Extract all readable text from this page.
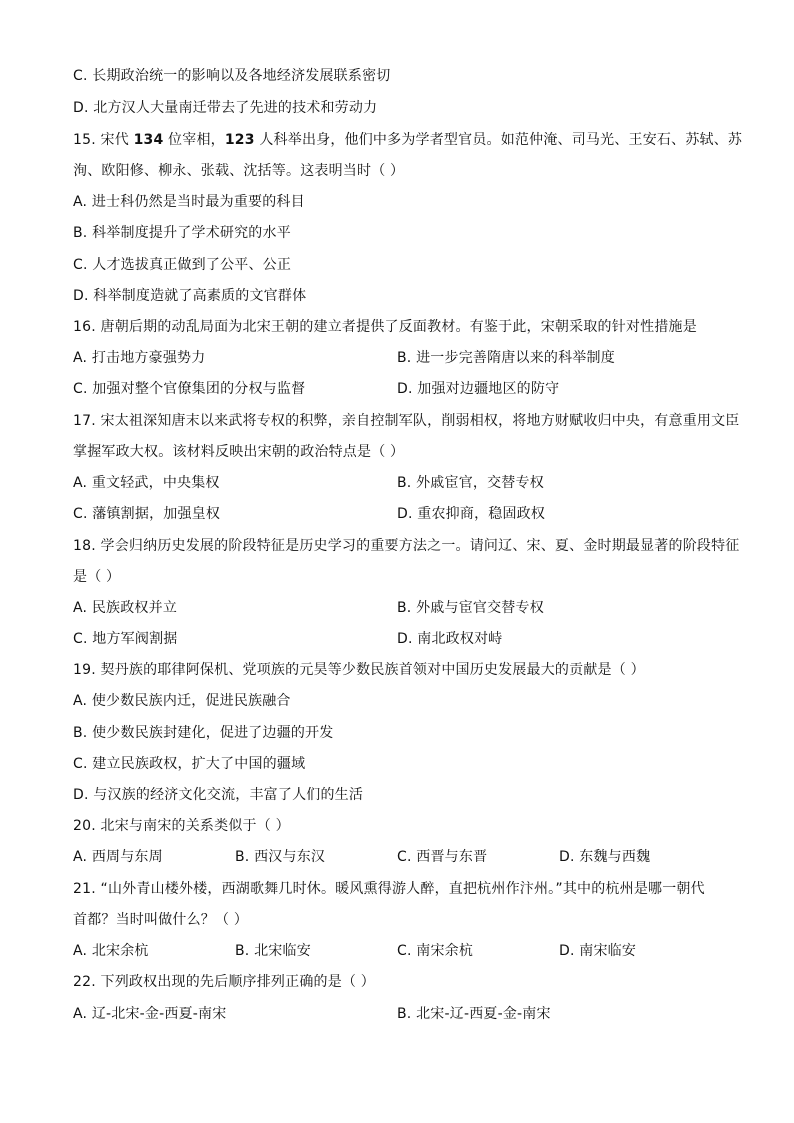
C. 长期政治统一的影响以及各地经济发展联系密切
D. 北方汉人大量南迁带去了先进的技术和劳动力
15. 宋代 134 位宰相，123 人科举出身，他们中多为学者型官员。如范仲淹、司马光、王安石、苏轼、苏
洵、欧阳修、柳永、张载、沈括等。这表明当时（ ）
A. 进士科仍然是当时最为重要的科目
B. 科举制度提升了学术研究的水平
C. 人才选拔真正做到了公平、公正
D. 科举制度造就了高素质的文官群体
16. 唐朝后期的动乱局面为北宋王朝的建立者提供了反面教材。有鉴于此，宋朝采取的针对性措施是
A. 打击地方豪强势力	B. 进一步完善隋唐以来的科举制度
C. 加强对整个官僚集团的分权与监督	D. 加强对边疆地区的防守
17. 宋太祖深知唐末以来武将专权的积弊，亲自控制军队，削弱相权，将地方财赋收归中央，有意重用文臣
掌握军政大权。该材料反映出宋朝的政治特点是（ ）
A. 重文轻武，中央集权	B. 外戚宦官，交替专权
C. 藩镇割据，加强皇权	D. 重农抑商，稳固政权
18. 学会归纳历史发展的阶段特征是历史学习的重要方法之一。请问辽、宋、夏、金时期最显著的阶段特征
是（ ）
A. 民族政权并立	B. 外戚与宦官交替专权
C. 地方军阀割据	D. 南北政权对峙
19. 契丹族的耶律阿保机、党项族的元昊等少数民族首领对中国历史发展最大的贡献是（ ）
A. 使少数民族内迁，促进民族融合
B. 使少数民族封建化，促进了边疆的开发
C. 建立民族政权，扩大了中国的疆域
D. 与汉族的经济文化交流，丰富了人们的生活
20. 北宋与南宋的关系类似于（ ）
A. 西周与东周	B. 西汉与东汉	C. 西晋与东晋	D. 东魏与西魏
21. “山外青山楼外楼，西湖歌舞几时休。暖风熏得游人醉，直把杭州作汴州。”其中的杭州是哪一朝代
首都？当时叫做什么？（ ）
A. 北宋余杭	B. 北宋临安	C. 南宋余杭	D. 南宋临安
22. 下列政权出现的先后顺序排列正确的是（ ）
A. 辽-北宋-金-西夏-南宋	B. 北宋-辽-西夏-金-南宋
